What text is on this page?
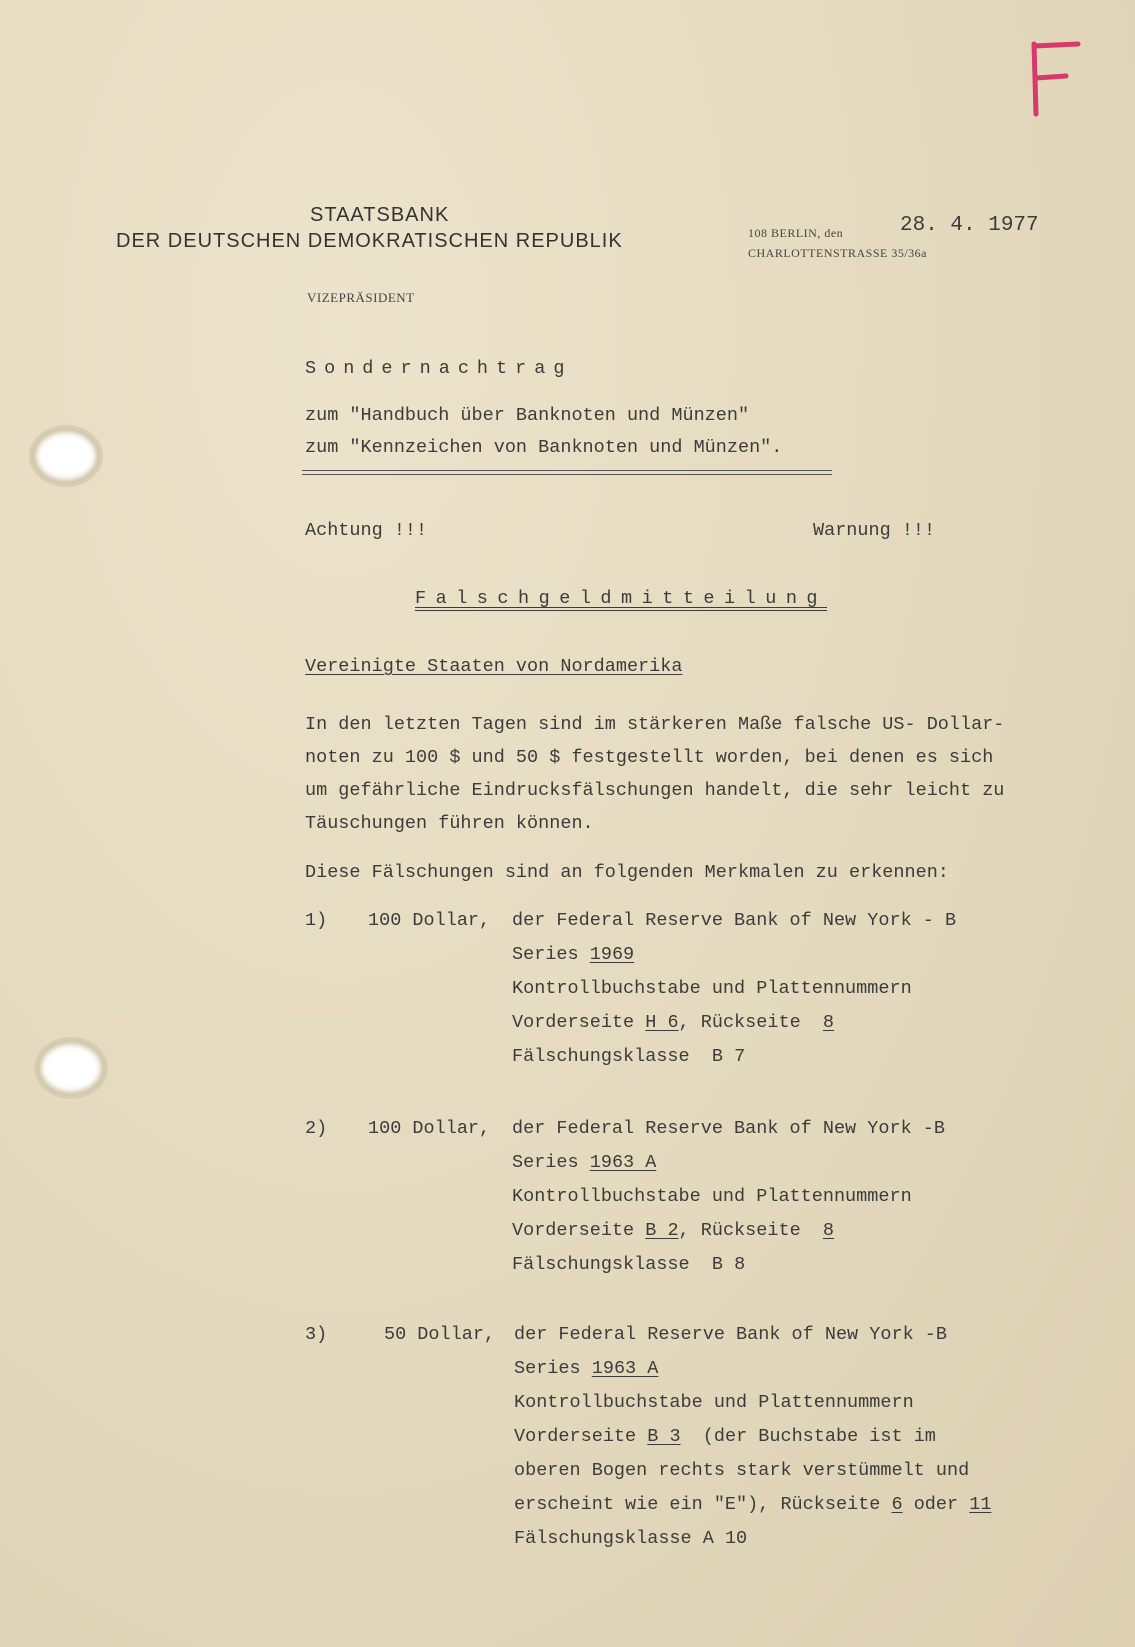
STAATSBANK
DER DEUTSCHEN DEMOKRATISCHEN REPUBLIK
VIZEPRÄSIDENT
108 BERLIN, den	28. 4. 1977
CHARLOTTENSTRASSE 35/36a
Sondernachtrag
zum "Handbuch über Banknoten und Münzen"
zum "Kennzeichen von Banknoten und Münzen".
Achtung !!!	Warnung !!!
Falschgeldmitteilung
Vereinigte Staaten von Nordamerika
In den letzten Tagen sind im stärkeren Maße falsche US- Dollar-
noten zu 100 $ und 50 $ festgestellt worden, bei denen es sich
um gefährliche Eindrucksfälschungen handelt, die sehr leicht zu
Täuschungen führen können.
Diese Fälschungen sind an folgenden Merkmalen zu erkennen:
1) 100 Dollar, der Federal Reserve Bank of New York - B
Series 1969
Kontrollbuchstabe und Plattennummern
Vorderseite H 6, Rückseite 8
Fälschungsklasse B 7
2) 100 Dollar, der Federal Reserve Bank of New York -B
Series 1963 A
Kontrollbuchstabe und Plattennummern
Vorderseite B 2, Rückseite 8
Fälschungsklasse B 8
3)	50 Dollar, der Federal Reserve Bank of New York -B
Series 1963 A
Kontrollbuchstabe und Plattennummern
Vorderseite B 3 (der Buchstabe ist im
oberen Bogen rechts stark verstümmelt und
erscheint wie ein "E"), Rückseite 6 oder 11
Fälschungsklasse A 10
